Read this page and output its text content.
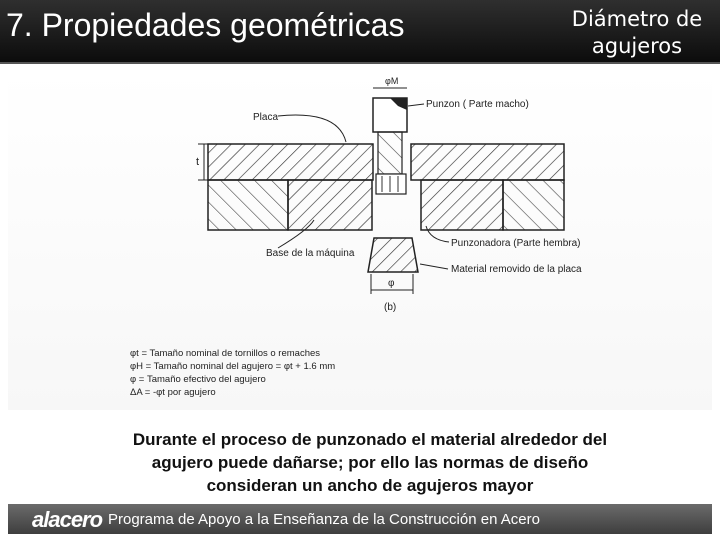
7. Propiedades geométricas	Diámetro de
agujeros
φM
t
φ
(b)
Placa
Punzon ( Parte macho)
Base de la máquina
Punzonadora (Parte hembra)
Material removido de la placa
φt = Tamaño nominal de tornillos o remaches
φH = Tamaño nominal del agujero = φt + 1.6 mm
φ = Tamaño efectivo del agujero
ΔA = -φt por agujero
Durante el proceso de punzonado el material alrededor del
agujero puede dañarse; por ello las normas de diseño
consideran un ancho de agujeros mayor
alacero Programa de Apoyo a la Enseñanza de la Construcción en Acero
